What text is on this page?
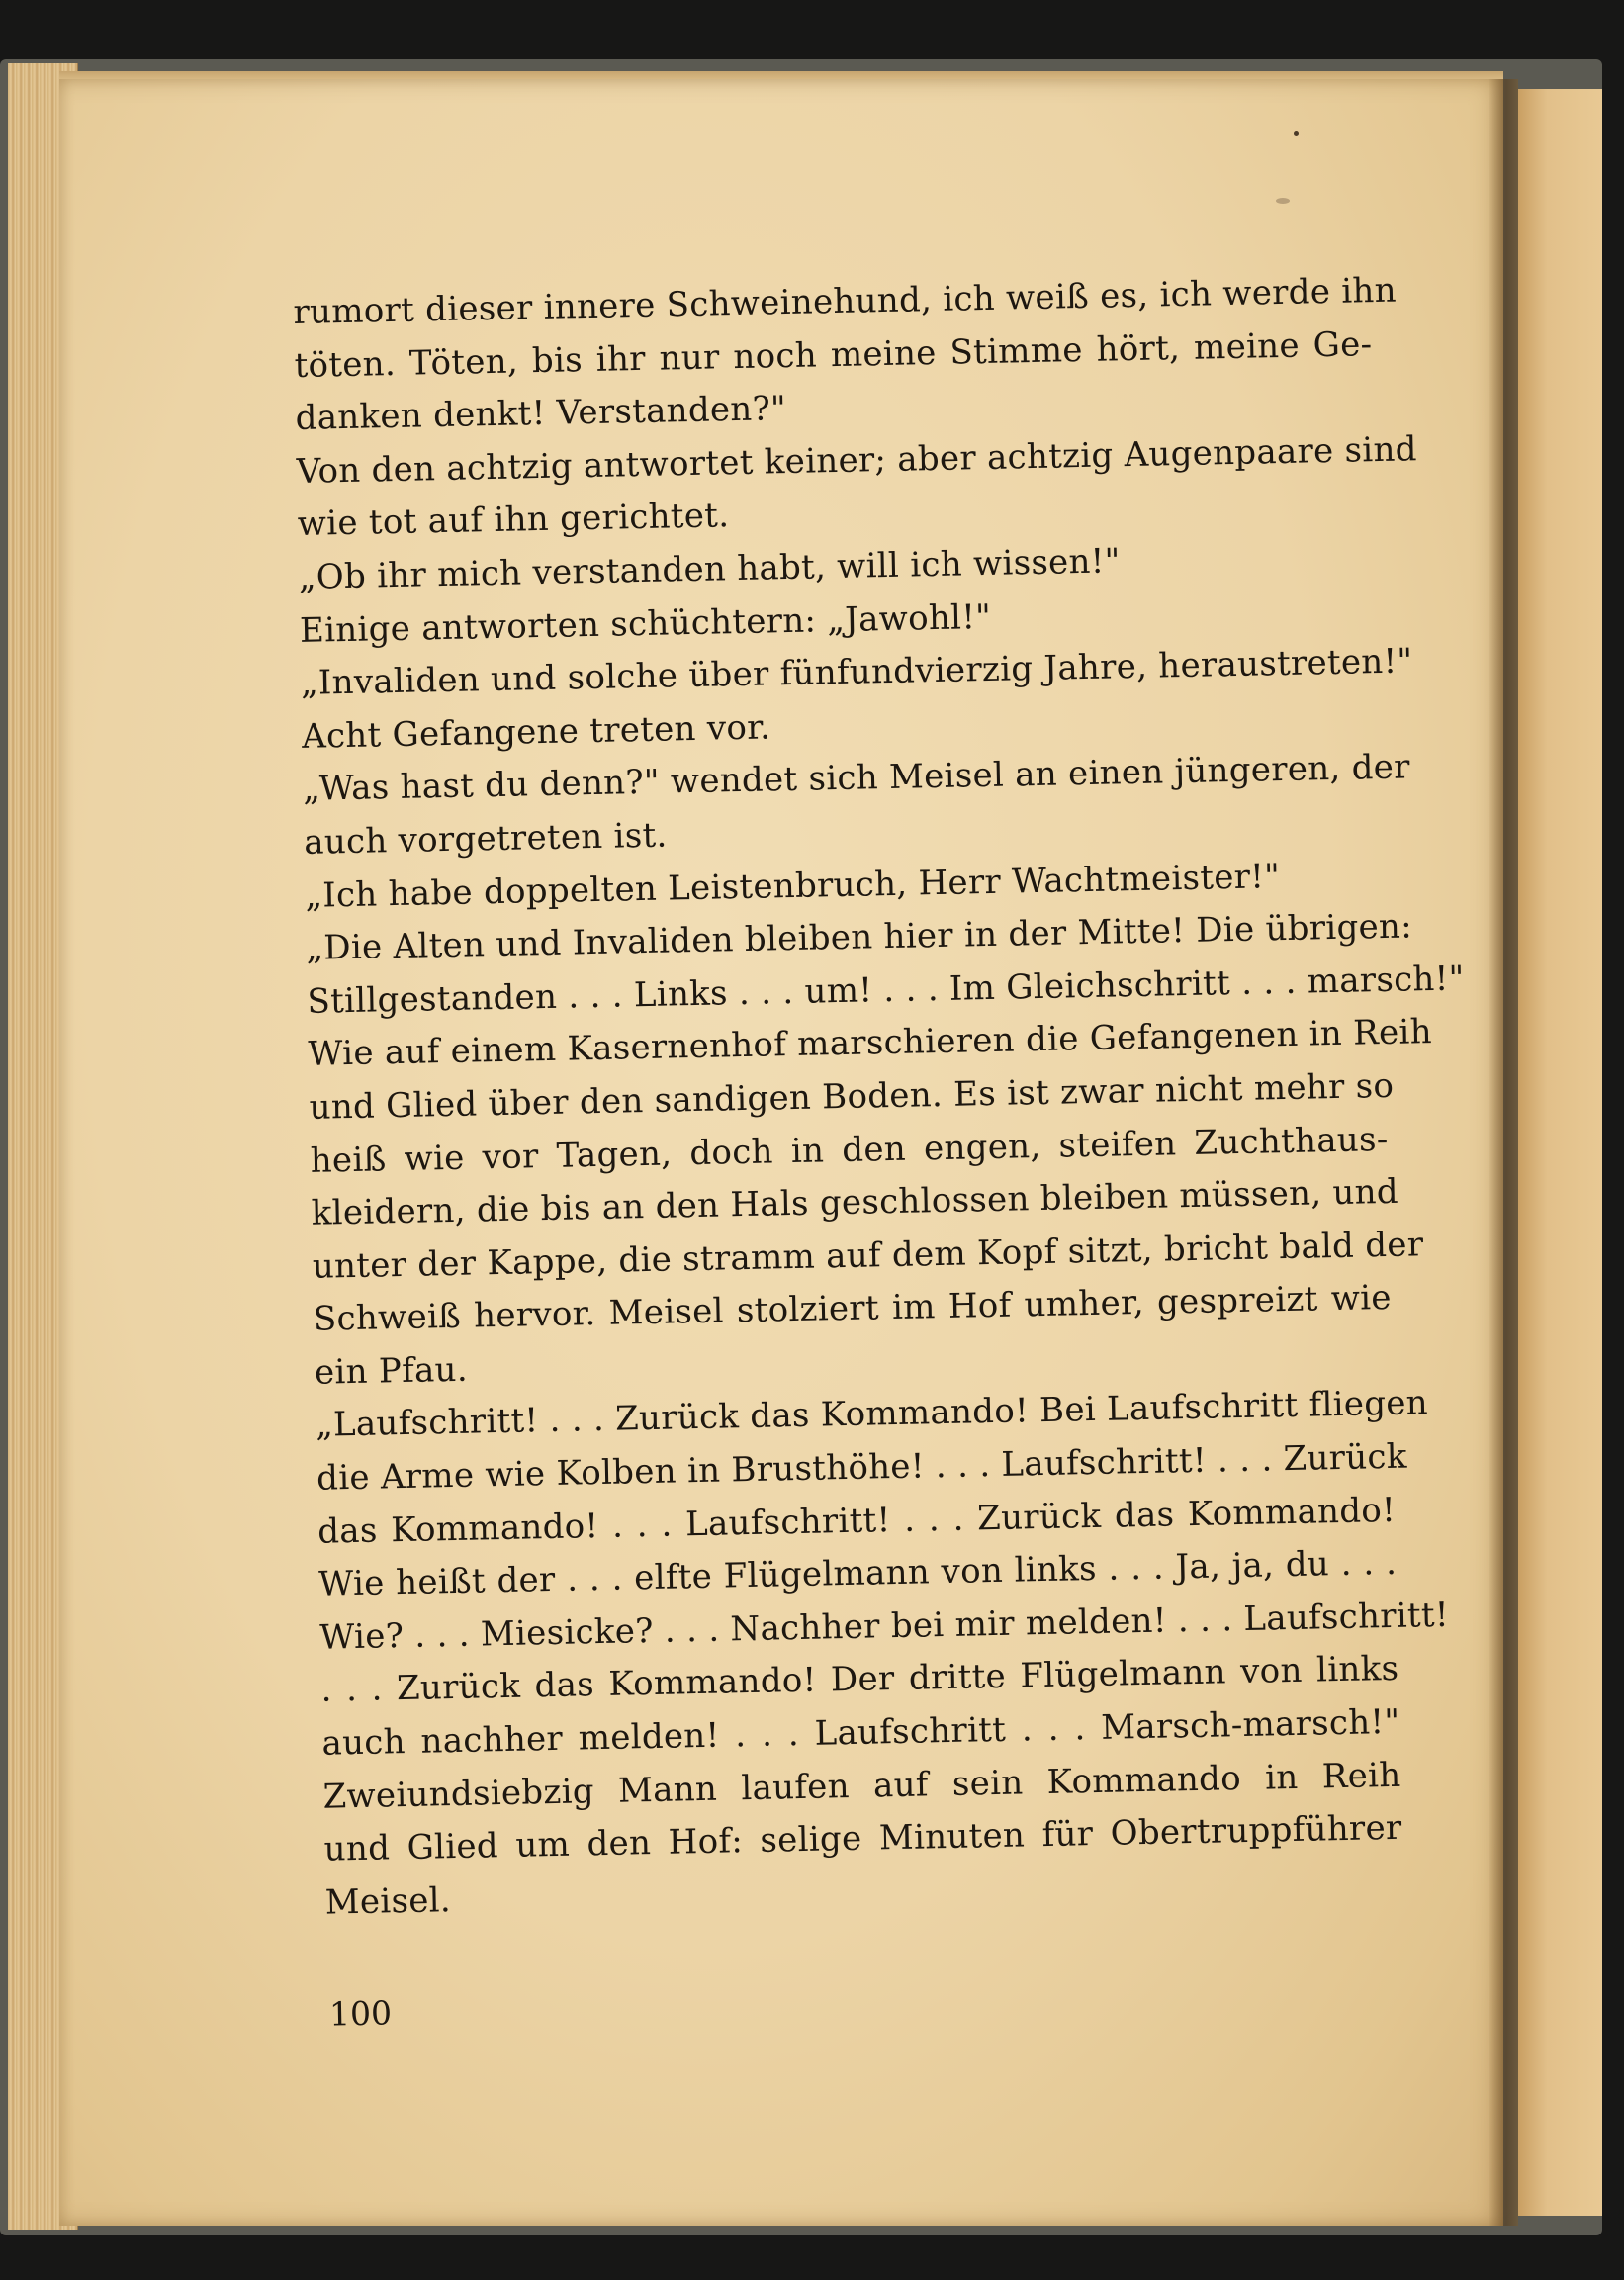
rumort dieser innere Schweinehund, ich weiß es, ich werde ihn
töten. Töten, bis ihr nur noch meine Stimme hört, meine Ge-
danken denkt! Verstanden?"
Von den achtzig antwortet keiner; aber achtzig Augenpaare sind
wie tot auf ihn gerichtet.
„Ob ihr mich verstanden habt, will ich wissen!"
Einige antworten schüchtern: „Jawohl!"
„Invaliden und solche über fünfundvierzig Jahre, heraustreten!"
Acht Gefangene treten vor.
„Was hast du denn?" wendet sich Meisel an einen jüngeren, der
auch vorgetreten ist.
„Ich habe doppelten Leistenbruch, Herr Wachtmeister!"
„Die Alten und Invaliden bleiben hier in der Mitte! Die übrigen:
Stillgestanden . . . Links . . . um! . . . Im Gleichschritt . . . marsch!"
Wie auf einem Kasernenhof marschieren die Gefangenen in Reih
und Glied über den sandigen Boden. Es ist zwar nicht mehr so
heiß wie vor Tagen, doch in den engen, steifen Zuchthaus-
kleidern, die bis an den Hals geschlossen bleiben müssen, und
unter der Kappe, die stramm auf dem Kopf sitzt, bricht bald der
Schweiß hervor. Meisel stolziert im Hof umher, gespreizt wie
ein Pfau.
„Laufschritt! . . . Zurück das Kommando! Bei Laufschritt fliegen
die Arme wie Kolben in Brusthöhe! . . . Laufschritt! . . . Zurück
das Kommando! . . . Laufschritt! . . . Zurück das Kommando!
Wie heißt der . . . elfte Flügelmann von links . . . Ja, ja, du . . .
Wie? . . . Miesicke? . . . Nachher bei mir melden! . . . Laufschritt!
. . . Zurück das Kommando! Der dritte Flügelmann von links
auch nachher melden! . . . Laufschritt . . . Marsch-marsch!"
Zweiundsiebzig Mann laufen auf sein Kommando in Reih
und Glied um den Hof: selige Minuten für Obertruppführer
Meisel.
100
